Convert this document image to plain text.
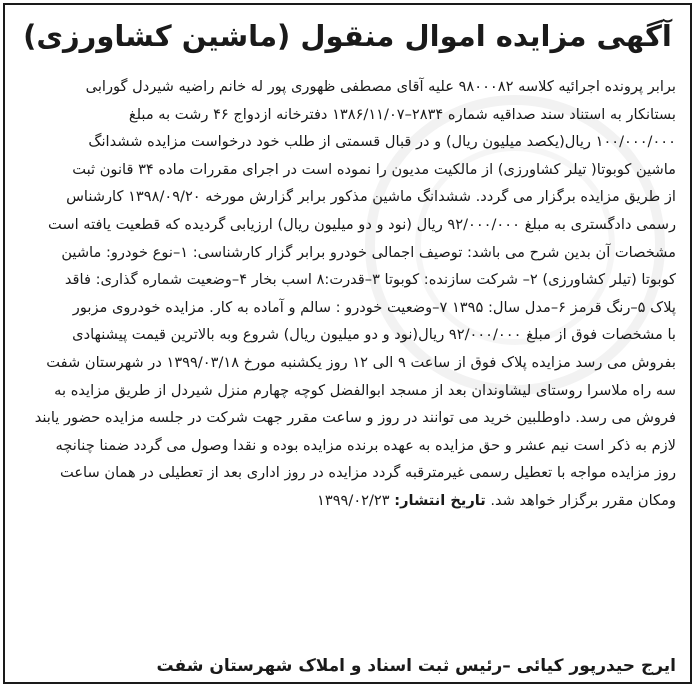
آگهی مزایده اموال منقول (ماشین کشاورزی)
برابر پرونده اجرائیه کلاسه ۹۸۰۰۰۸۲ علیه آقای مصطفی ظهوری پور له خانم راضیه شیردل گورابی
بستانکار به استناد سند صداقیه شماره ۲۸۳۴–۱۳۸۶/۱۱/۰۷ دفترخانه ازدواج ۴۶ رشت به مبلغ
۱۰۰/۰۰۰/۰۰۰ ریال(یکصد میلیون ریال) و در قبال قسمتی از طلب خود درخواست مزایده ششدانگ
ماشین کوبوتا( تیلر کشاورزی) از مالکیت مدیون را نموده است در اجرای مقررات ماده ۳۴ قانون ثبت
از طریق مزایده برگزار می گردد. ششدانگ ماشین مذکور برابر گزارش مورخه ۱۳۹۸/۰۹/۲۰ کارشناس
رسمی دادگستری به مبلغ ۹۲/۰۰۰/۰۰۰ ریال (نود و دو میلیون ریال) ارزیابی گردیده که قطعیت یافته است
مشخصات آن بدین شرح می باشد: توصیف اجمالی خودرو برابر گزار کارشناسی: ۱–نوع خودرو: ماشین
کوبوتا (تیلر کشاورزی) ۲– شرکت سازنده: کوبوتا ۳–قدرت:۸ اسب بخار ۴–وضعیت شماره گذاری: فاقد
پلاک ۵–رنگ قرمز ۶–مدل سال: ۱۳۹۵ ۷–وضعیت خودرو : سالم و آماده به کار. مزایده خودروی مزبور
با مشخصات فوق از مبلغ ۹۲/۰۰۰/۰۰۰ ریال(نود و دو میلیون ریال) شروع وبه بالاترین قیمت پیشنهادی
بفروش می رسد مزایده پلاک فوق از ساعت ۹ الی ۱۲ روز یکشنبه مورخ ۱۳۹۹/۰۳/۱۸ در شهرستان شفت
سه راه ملاسرا روستای لیشاوندان بعد از مسجد ابوالفضل کوچه چهارم منزل شیردل از طریق مزایده به
فروش می رسد. داوطلبین خرید می توانند در روز و ساعت مقرر جهت شرکت در جلسه مزایده حضور یابند
لازم به ذکر است نیم عشر و حق مزایده به عهده برنده مزایده بوده و نقدا وصول می گردد ضمنا چنانچه
روز مزایده مواجه با تعطیل رسمی غیرمترقبه گردد مزایده در روز اداری بعد از تعطیلی در همان ساعت
ومکان مقرر برگزار خواهد شد. تاریخ انتشار: ۱۳۹۹/۰۲/۲۳
ایرج حیدرپور کیائی –رئیس ثبت اسناد و املاک شهرستان شفت
